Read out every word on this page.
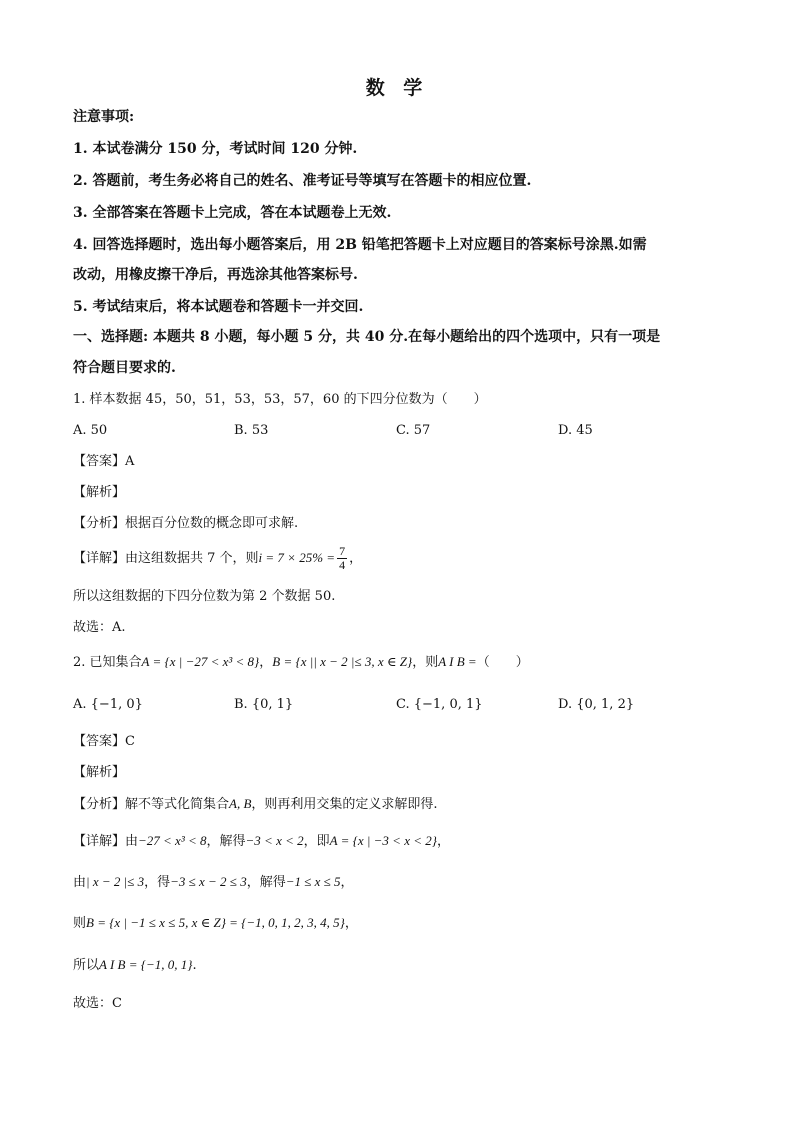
数 学
注意事项:
1. 本试卷满分 150 分，考试时间 120 分钟.
2. 答题前，考生务必将自己的姓名、准考证号等填写在答题卡的相应位置.
3. 全部答案在答题卡上完成，答在本试题卷上无效.
4. 回答选择题时，选出每小题答案后，用 2B 铅笔把答题卡上对应题目的答案标号涂黑.如需
改动，用橡皮擦干净后，再选涂其他答案标号.
5. 考试结束后，将本试题卷和答题卡一并交回.
一、选择题: 本题共 8 小题，每小题 5 分，共 40 分.在每小题给出的四个选项中，只有一项是
符合题目要求的.
1. 样本数据 45，50，51，53，53，57，60 的下四分位数为（　　）
A. 50	B. 53	C. 57	D. 45
【答案】A
【解析】
【分析】根据百分位数的概念即可求解.
【详解】由这组数据共 7 个，则$i = 7 \times 25\% = \frac{7}{4}$ ，
所以这组数据的下四分位数为第 2 个数据 50.
故选：A.
2. 已知集合A = {x | −27 < x³ < 8}，B = {x || x − 2 |≤ 3, x ∈ Z}，则A I B =（　　）
A. {−1, 0}	B. {0, 1}	C. {−1, 0, 1}	D. {0, 1, 2}
【答案】C
【解析】
【分析】解不等式化简集合A, B，则再利用交集的定义求解即得.
【详解】由−27 < x³ < 8，解得−3 < x < 2，即A = {x | −3 < x < 2}，
由| x − 2 |≤ 3，得−3 ≤ x − 2 ≤ 3，解得−1 ≤ x ≤ 5，
则B = {x | −1 ≤ x ≤ 5, x ∈ Z} = {−1, 0, 1, 2, 3, 4, 5}，
所以A I B = {−1, 0, 1}.
故选：C
